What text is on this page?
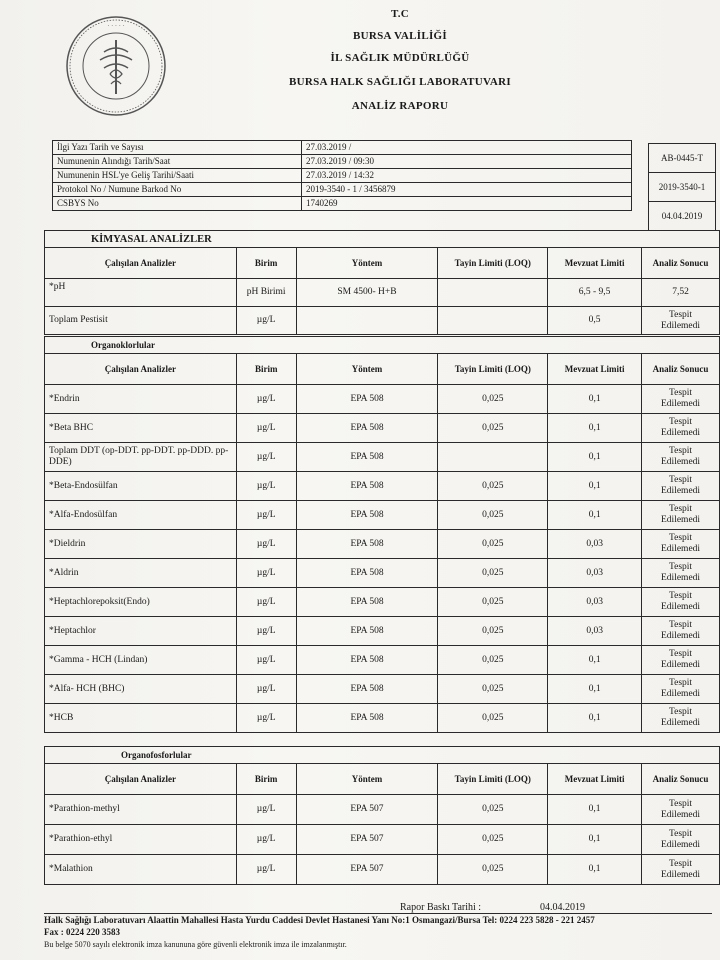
· · · · ·
T.C
BURSA VALİLİĞİ
İL SAĞLIK MÜDÜRLÜĞÜ
BURSA HALK SAĞLIĞI LABORATUVARI
ANALİZ RAPORU
İlgi Yazı Tarih ve Sayısı	27.03.2019 /
Numunenin Alındığı Tarih/Saat	27.03.2019 / 09:30
Numunenin HSL'ye Geliş Tarihi/Saati	27.03.2019 / 14:32
Protokol No / Numune Barkod No	2019-3540 - 1 / 3456879
CSBYS No	1740269
AB-0445-T
2019-3540-1
04.04.2019
KİMYASAL ANALİZLER					
Çalışılan Analizler	Birim	Yöntem	Tayin Limiti (LOQ)	Mevzuat Limiti	Analiz Sonucu
*pH	pH Birimi	SM 4500- H+B		6,5 - 9,5	7,52
Toplam Pestisit	µg/L			0,5	Tespit
Edilemedi
Organoklorlular					
Çalışılan Analizler	Birim	Yöntem	Tayin Limiti (LOQ)	Mevzuat Limiti	Analiz Sonucu
*Endrin	µg/L	EPA 508	0,025	0,1	Tespit
Edilemedi
*Beta BHC	µg/L	EPA 508	0,025	0,1	Tespit
Edilemedi
Toplam DDT (op-DDT. pp-DDT. pp-DDD. pp-DDE)	µg/L	EPA 508		0,1	Tespit
Edilemedi
*Beta-Endosülfan	µg/L	EPA 508	0,025	0,1	Tespit
Edilemedi
*Alfa-Endosülfan	µg/L	EPA 508	0,025	0,1	Tespit
Edilemedi
*Dieldrin	µg/L	EPA 508	0,025	0,03	Tespit
Edilemedi
*Aldrin	µg/L	EPA 508	0,025	0,03	Tespit
Edilemedi
*Heptachlorepoksit(Endo)	µg/L	EPA 508	0,025	0,03	Tespit
Edilemedi
*Heptachlor	µg/L	EPA 508	0,025	0,03	Tespit
Edilemedi
*Gamma - HCH (Lindan)	µg/L	EPA 508	0,025	0,1	Tespit
Edilemedi
*Alfa- HCH (BHC)	µg/L	EPA 508	0,025	0,1	Tespit
Edilemedi
*HCB	µg/L	EPA 508	0,025	0,1	Tespit
Edilemedi
Organofosforlular					
Çalışılan Analizler	Birim	Yöntem	Tayin Limiti (LOQ)	Mevzuat Limiti	Analiz Sonucu
*Parathion-methyl	µg/L	EPA 507	0,025	0,1	Tespit
Edilemedi
*Parathion-ethyl	µg/L	EPA 507	0,025	0,1	Tespit
Edilemedi
*Malathion	µg/L	EPA 507	0,025	0,1	Tespit
Edilemedi
Rapor Baskı Tarihi :	04.04.2019
Halk Sağlığı Laboratuvarı Alaattin Mahallesi Hasta Yurdu Caddesi Devlet Hastanesi Yanı No:1 Osmangazi/Bursa Tel: 0224 223 5828 - 221 2457
Fax : 0224 220 3583
Bu belge 5070 sayılı elektronik imza kanununa göre güvenli elektronik imza ile imzalanmıştır.
